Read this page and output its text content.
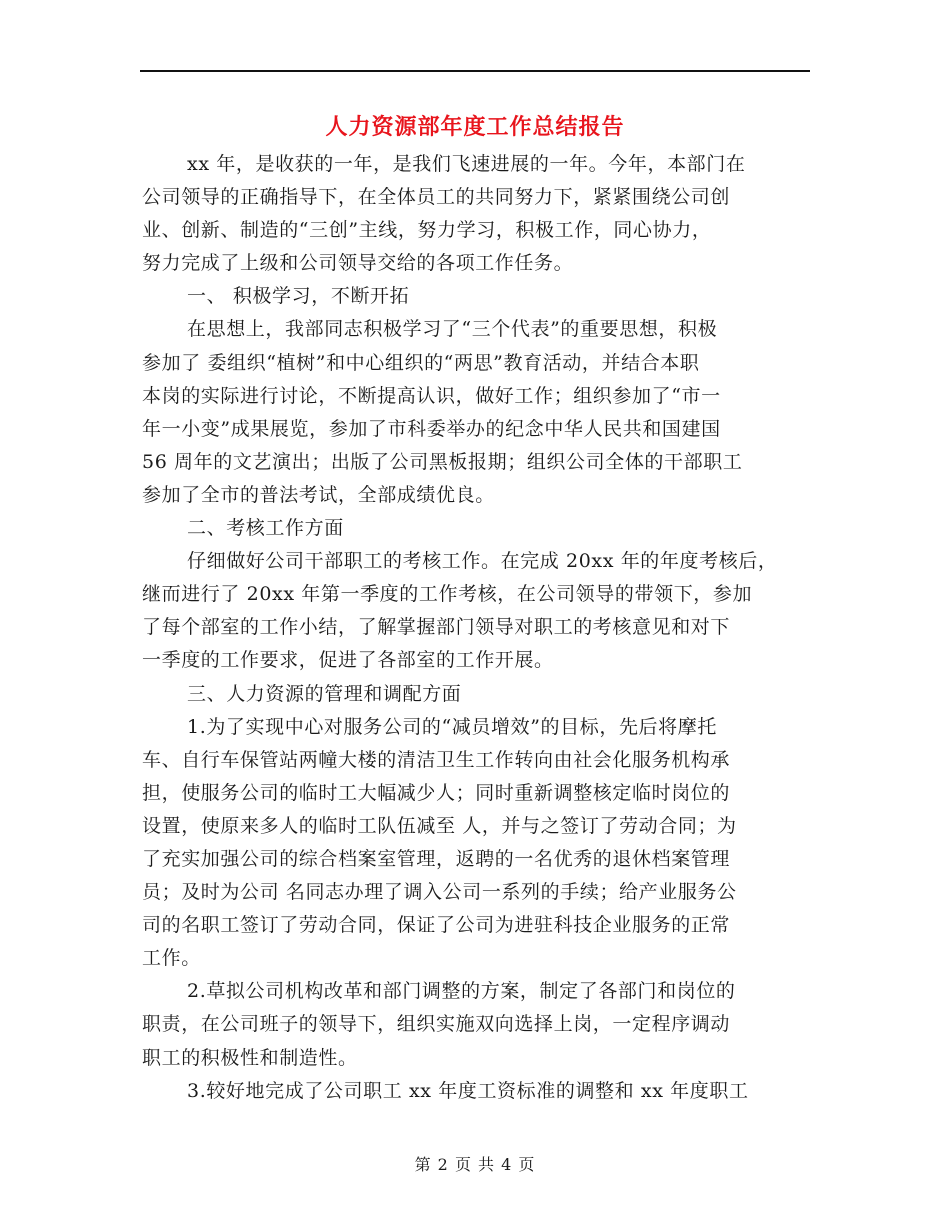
人力资源部年度工作总结报告
xx 年，是收获的一年，是我们飞速进展的一年。今年，本部门在
公司领导的正确指导下，在全体员工的共同努力下，紧紧围绕公司创
业、创新、制造的“三创”主线，努力学习，积极工作，同心协力，
努力完成了上级和公司领导交给的各项工作任务。
一、 积极学习，不断开拓
在思想上，我部同志积极学习了“三个代表”的重要思想，积极
参加了 委组织“植树”和中心组织的“两思”教育活动，并结合本职
本岗的实际进行讨论，不断提高认识，做好工作；组织参加了“市一
年一小变”成果展览，参加了市科委举办的纪念中华人民共和国建国
56 周年的文艺演出；出版了公司黑板报期；组织公司全体的干部职工
参加了全市的普法考试，全部成绩优良。
二、考核工作方面
仔细做好公司干部职工的考核工作。在完成 20xx 年的年度考核后，
继而进行了 20xx 年第一季度的工作考核，在公司领导的带领下，参加
了每个部室的工作小结，了解掌握部门领导对职工的考核意见和对下
一季度的工作要求，促进了各部室的工作开展。
三、人力资源的管理和调配方面
1.为了实现中心对服务公司的“减员增效”的目标，先后将摩托
车、自行车保管站两幢大楼的清洁卫生工作转向由社会化服务机构承
担，使服务公司的临时工大幅减少人；同时重新调整核定临时岗位的
设置，使原来多人的临时工队伍减至 人，并与之签订了劳动合同；为
了充实加强公司的综合档案室管理，返聘的一名优秀的退休档案管理
员；及时为公司 名同志办理了调入公司一系列的手续；给产业服务公
司的名职工签订了劳动合同，保证了公司为进驻科技企业服务的正常
工作。
2.草拟公司机构改革和部门调整的方案，制定了各部门和岗位的
职责，在公司班子的领导下，组织实施双向选择上岗，一定程序调动
职工的积极性和制造性。
3.较好地完成了公司职工 xx 年度工资标准的调整和 xx 年度职工
第 2 页 共 4 页
